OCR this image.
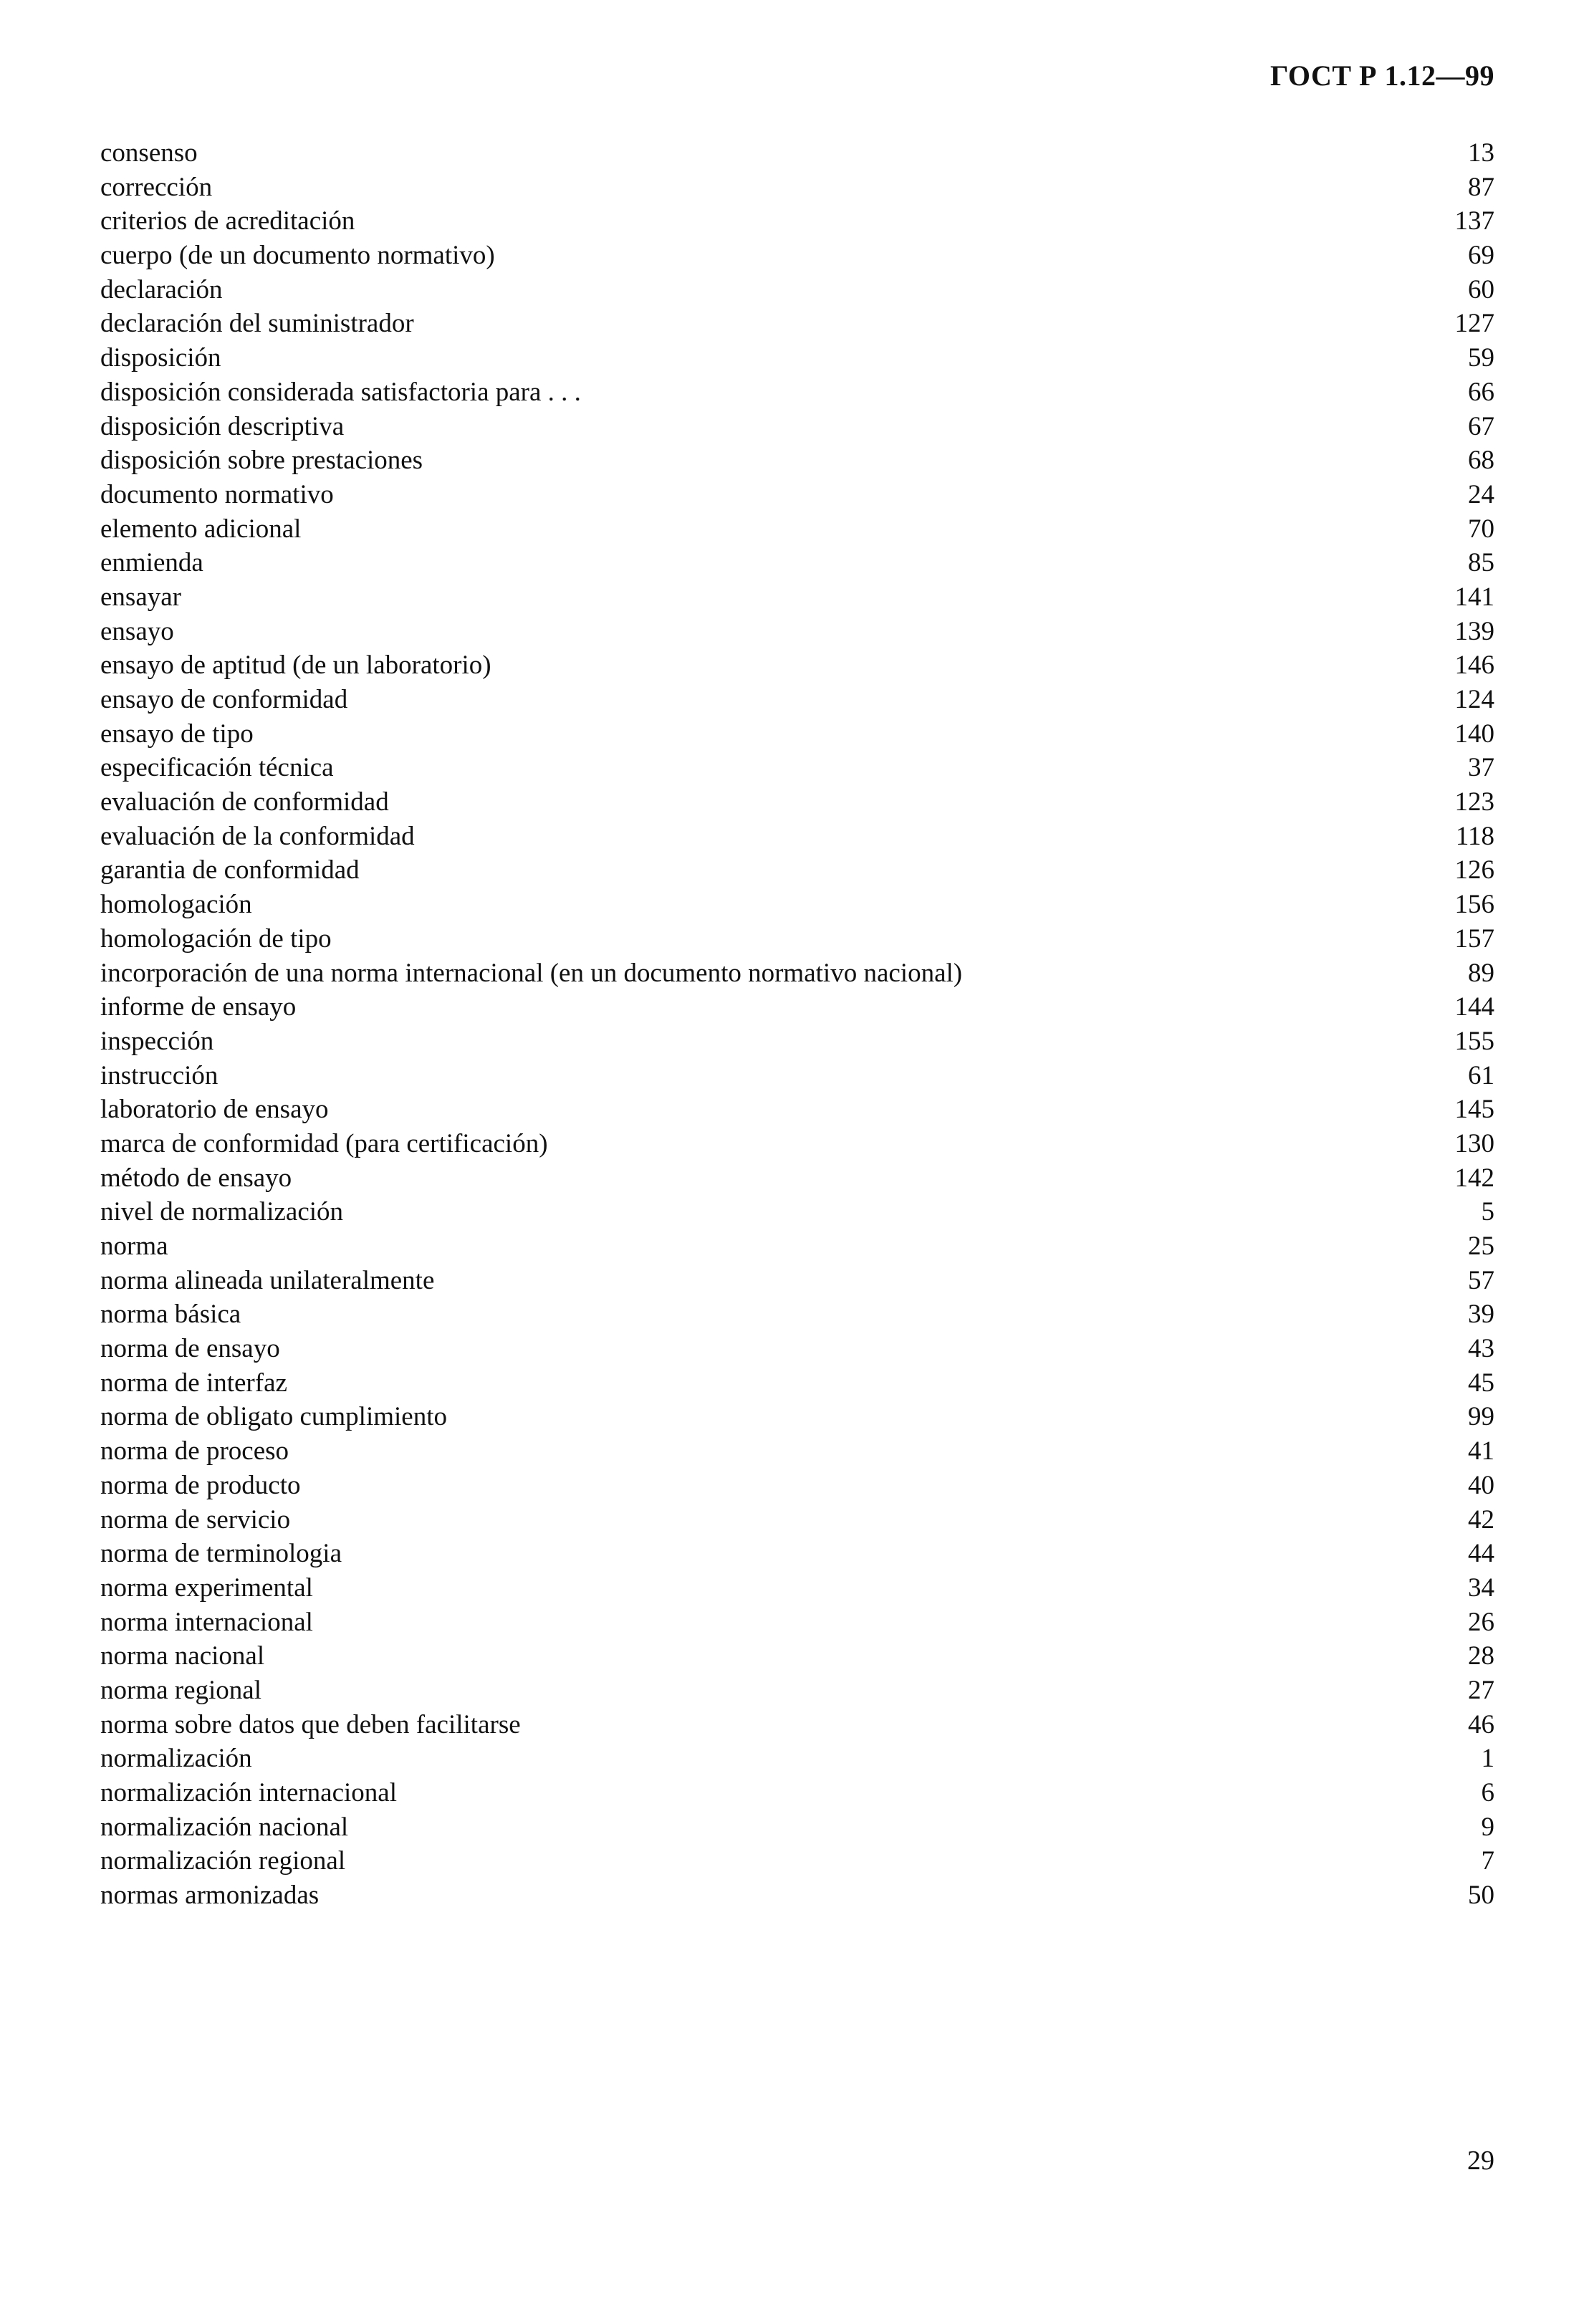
ГОСТ Р 1.12—99
consenso	13
corrección	87
criterios de acreditación	137
cuerpo (de un documento normativo)	69
declaración	60
declaración del suministrador	127
disposición	59
disposición considerada satisfactoria para . . .	66
disposición descriptiva	67
disposición sobre prestaciones	68
documento normativo	24
elemento adicional	70
enmienda	85
ensayar	141
ensayo	139
ensayo de aptitud (de un laboratorio)	146
ensayo de conformidad	124
ensayo de tipo	140
especificación técnica	37
evaluación de conformidad	123
evaluación de la conformidad	118
garantia de conformidad	126
homologación	156
homologación de tipo	157
incorporación de una norma internacional (en un documento normativo nacional)	89
informe de ensayo	144
inspección	155
instrucción	61
laboratorio de ensayo	145
marca de conformidad (para certificación)	130
método de ensayo	142
nivel de normalización	5
norma	25
norma alineada unilateralmente	57
norma básica	39
norma de ensayo	43
norma de interfaz	45
norma de obligato cumplimiento	99
norma de proceso	41
norma de producto	40
norma de servicio	42
norma de terminologia	44
norma experimental	34
norma internacional	26
norma nacional	28
norma regional	27
norma sobre datos que deben facilitarse	46
normalización	1
normalización internacional	6
normalización nacional	9
normalización regional	7
normas armonizadas	50
29
